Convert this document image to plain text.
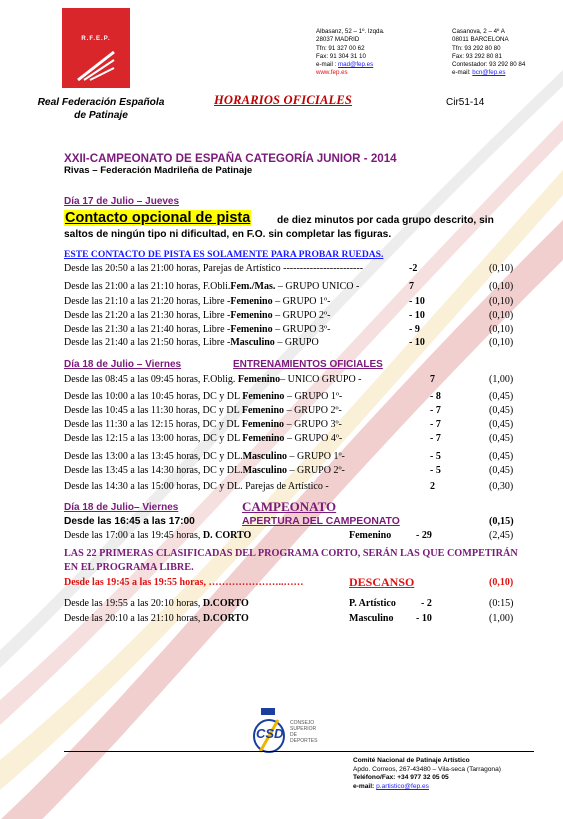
R.F.E.P.
Albasanz, 52 – 1º. Izqda.
28037 MADRID
Tfn: 91 327 00 62
Fax: 91 304 31 10
e-mail : mad@fep.es
www.fep.es
Casanova, 2 – 4º A
08011 BARCELONA
Tfn: 93 292 80 80
Fax: 93 292 80 81
Contestador: 93 292 80 84
e-mail: bcn@fep.es
Real Federación Española
de Patinaje
HORARIOS OFICIALES	Cir51-14
XXII-CAMPEONATO DE ESPAÑA CATEGORÍA JUNIOR - 2014
Rivas – Federación Madrileña de Patinaje
Día 17 de Julio – Jueves
Contacto opcional de pista	de diez minutos por cada grupo descrito, sin
saltos de ningún tipo ni dificultad, en F.O. sin completar las figuras.
ESTE CONTACTO DE PISTA ES SOLAMENTE PARA PROBAR RUEDAS.
Desde las 20:50 a las 21:00 horas, Parejas de Artístico ------------------------	-2	(0,10)
Desde las 21:00 a las 21:10 horas, F.Obli.Fem./Mas. – GRUPO UNICO -	7	(0,10)
Desde las 21:10 a las 21:20 horas, Libre -Femenino – GRUPO 1º-	- 10	(0,10)
Desde las 21:20 a las 21:30 horas, Libre -Femenino – GRUPO 2º-	- 10	(0,10)
Desde las 21:30 a las 21:40 horas, Libre -Femenino – GRUPO 3º-	- 9	(0,10)
Desde las 21:40 a las 21:50 horas, Libre -Masculino – GRUPO	- 10	(0,10)
Día 18 de Julio – Viernes	ENTRENAMIENTOS OFICIALES
Desde las 08:45 a las 09:45 horas, F.Oblig. Femenino– UNICO GRUPO -	7	(1,00)
Desde las 10:00 a las 10:45 horas, DC y DL Femenino – GRUPO 1º-	- 8	(0,45)
Desde las 10:45 a las 11:30 horas, DC y DL Femenino – GRUPO 2º-	- 7	(0,45)
Desde las 11:30 a las 12:15 horas, DC y DL Femenino – GRUPO 3º-	- 7	(0,45)
Desde las 12:15 a las 13:00 horas, DC y DL Femenino – GRUPO 4º-	- 7	(0,45)
Desde las 13:00 a las 13:45 horas, DC y DL.Masculino – GRUPO 1º-	- 5	(0,45)
Desde las 13:45 a las 14:30 horas, DC y DL.Masculino – GRUPO 2º-	- 5	(0,45)
Desde las 14:30 a las 15:00 horas, DC y DL. Parejas de Artístico -	2	(0,30)
Día 18 de Julio– Viernes	CAMPEONATO
Desde las 16:45 a las 17:00	APERTURA DEL CAMPEONATO	(0,15)
Desde las 17:00 a las 19:45 horas, D. CORTO	Femenino - 29	(2,45)
LAS 22 PRIMERAS CLASIFICADAS DEL PROGRAMA CORTO, SERÁN LAS QUE COMPETIRÁN EN EL PROGRAMA LIBRE.
Desde las 19:45 a las 19:55 horas, …………………..……	DESCANSO	(0,10)
Desde las 19:55 a las 20:10 horas, D.CORTO	P. Artístico	- 2	(0:15)
Desde las 20:10 a las 21:10 horas, D.CORTO	Masculino - 10	(1,00)
CSD
CONSEJO
SUPERIOR DE
DEPORTES
Comité Nacional de Patinaje Artístico
Apdo. Correos, 267-43480 – Vila-seca (Tarragona)
Teléfono/Fax: +34 977 32 05 05
e-mail: p.artistico@fep.es
